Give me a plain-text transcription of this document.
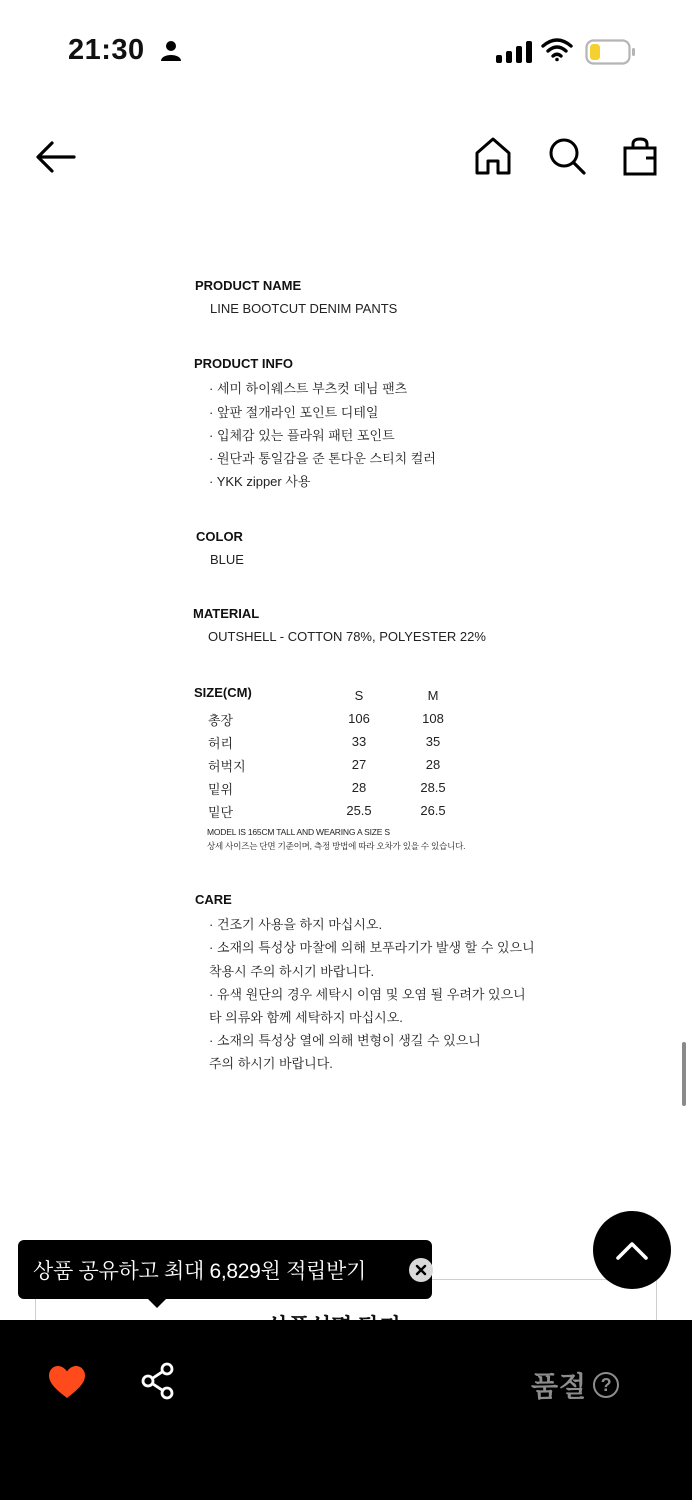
21:30
PRODUCT NAME
LINE BOOTCUT DENIM PANTS
PRODUCT INFO
· 세미 하이웨스트 부츠컷 데님 팬츠
· 앞판 절개라인 포인트 디테일
· 입체감 있는 플라워 패턴 포인트
· 원단과 통일감을 준 톤다운 스티치 컬러
· YKK zipper 사용
COLOR
BLUE
MATERIAL
OUTSHELL - COTTON 78%, POLYESTER 22%
SIZE(CM)	S	M
총장	106	108
허리	33	35
허벅지	27	28
밑위	28	28.5
밑단	25.5	26.5
MODEL IS 165CM TALL AND WEARING A SIZE S
상세 사이즈는 단면 기준이며, 측정 방법에 따라 오차가 있을 수 있습니다.
CARE
· 건조기 사용을 하지 마십시오.
· 소재의 특성상 마찰에 의해 보푸라기가 발생 할 수 있으니
착용시 주의 하시기 바랍니다.
· 유색 원단의 경우 세탁시 이염 및 오염 될 우려가 있으니
타 의류와 함께 세탁하지 마십시오.
· 소재의 특성상 열에 의해 변형이 생길 수 있으니
주의 하시기 바랍니다.
상품 공유하고 최대 6,829원 적립받기
품절 ?
